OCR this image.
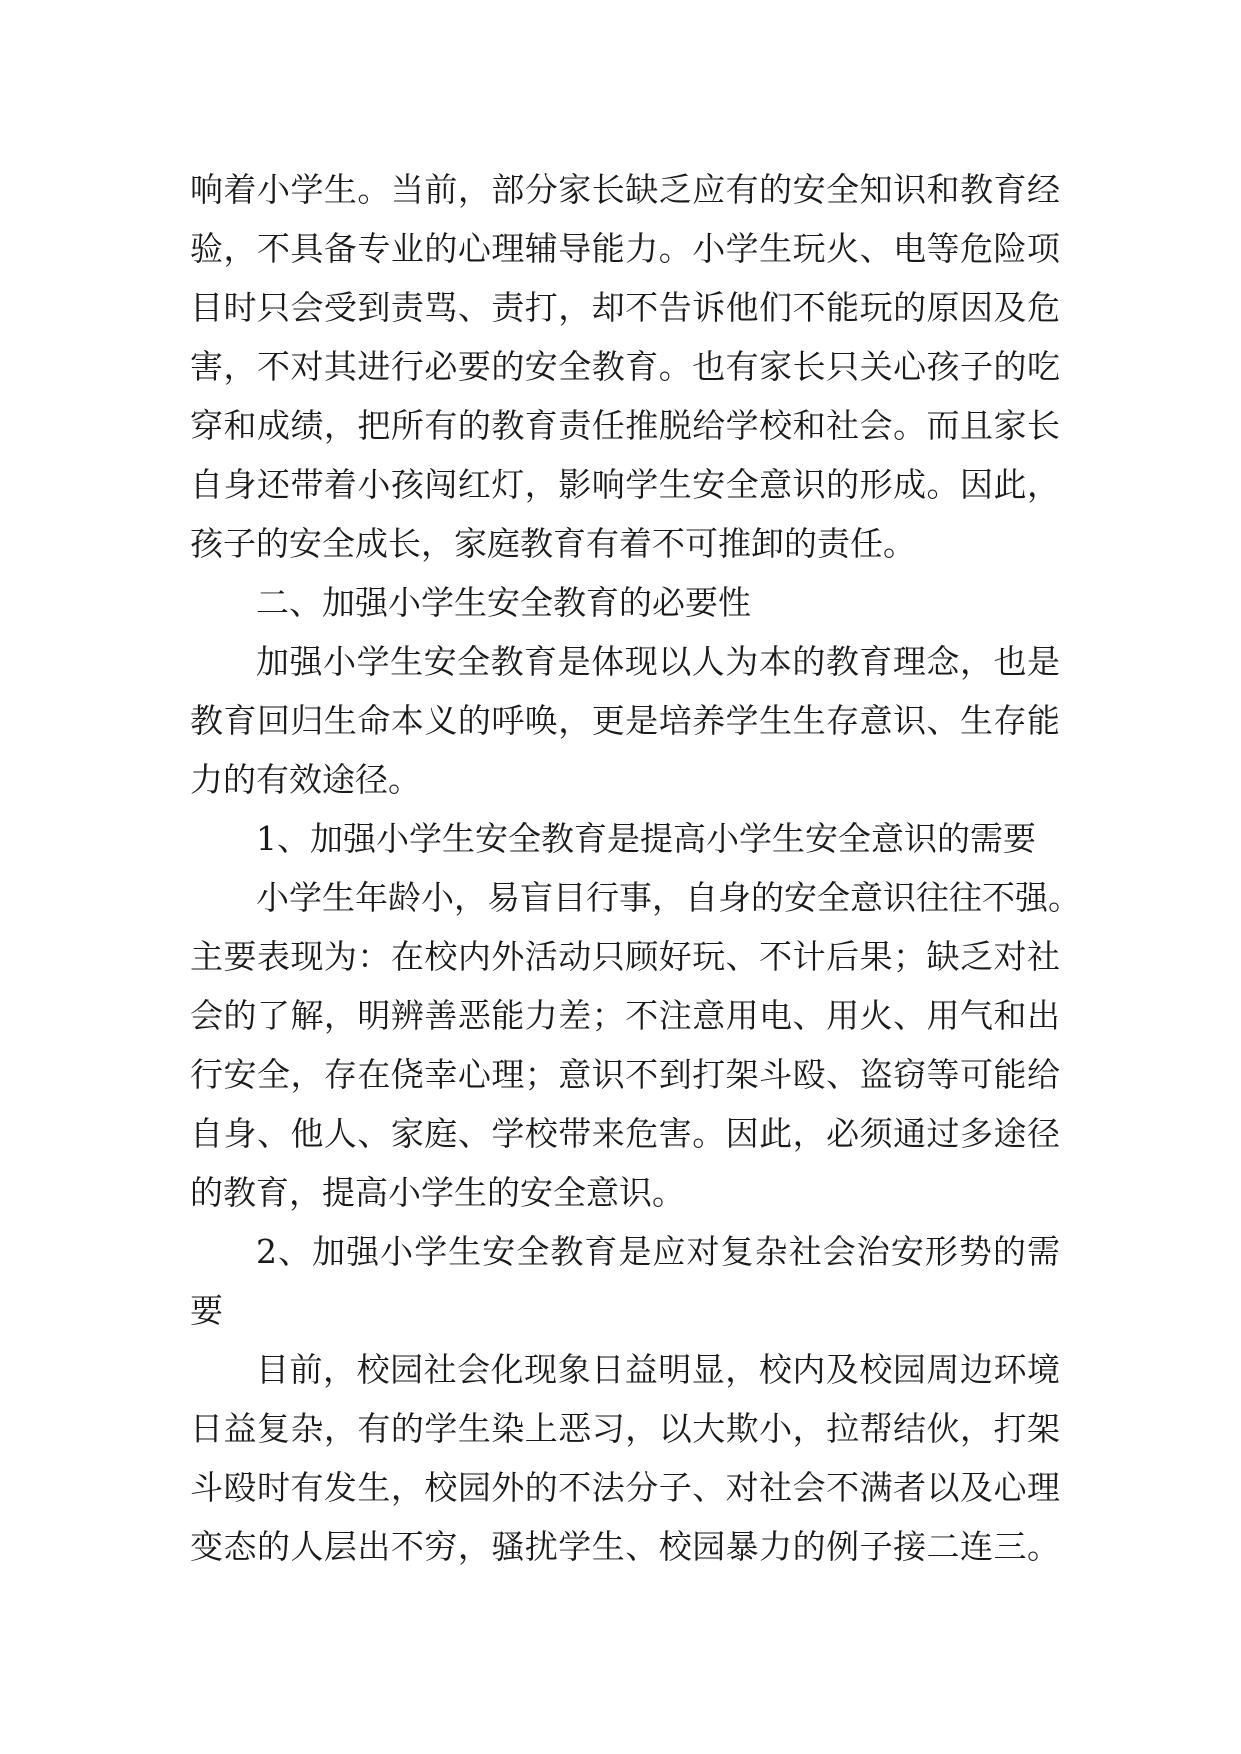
响着小学生。当前，部分家长缺乏应有的安全知识和教育经
验，不具备专业的心理辅导能力。小学生玩火、电等危险项
目时只会受到责骂、责打，却不告诉他们不能玩的原因及危
害，不对其进行必要的安全教育。也有家长只关心孩子的吃
穿和成绩，把所有的教育责任推脱给学校和社会。而且家长
自身还带着小孩闯红灯，影响学生安全意识的形成。因此，
孩子的安全成长，家庭教育有着不可推卸的责任。
二、加强小学生安全教育的必要性
加强小学生安全教育是体现以人为本的教育理念，也是
教育回归生命本义的呼唤，更是培养学生生存意识、生存能
力的有效途径。
1、加强小学生安全教育是提高小学生安全意识的需要
小学生年龄小，易盲目行事，自身的安全意识往往不强。
主要表现为：在校内外活动只顾好玩、不计后果；缺乏对社
会的了解，明辨善恶能力差；不注意用电、用火、用气和出
行安全，存在侥幸心理；意识不到打架斗殴、盗窃等可能给
自身、他人、家庭、学校带来危害。因此，必须通过多途径
的教育，提高小学生的安全意识。
2、加强小学生安全教育是应对复杂社会治安形势的需
要
目前，校园社会化现象日益明显，校内及校园周边环境
日益复杂，有的学生染上恶习，以大欺小，拉帮结伙，打架
斗殴时有发生，校园外的不法分子、对社会不满者以及心理
变态的人层出不穷，骚扰学生、校园暴力的例子接二连三。
